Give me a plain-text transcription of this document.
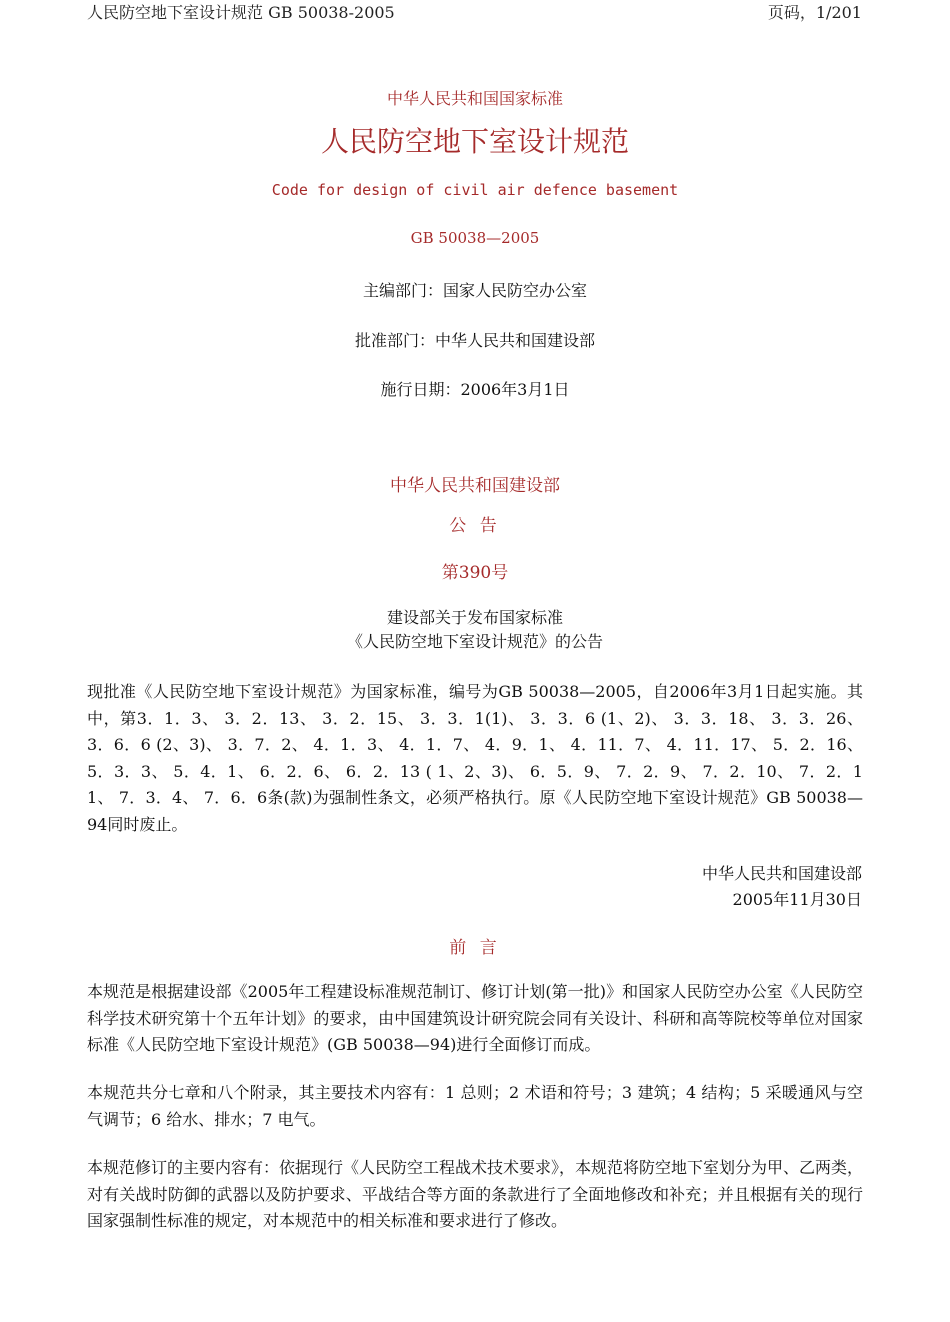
人民防空地下室设计规范 GB 50038-2005	页码，1/201
中华人民共和国国家标准
人民防空地下室设计规范
Code for design of civil air defence basement
GB 50038—2005
主编部门：国家人民防空办公室
批准部门：中华人民共和国建设部
施行日期：2006年3月1日
中华人民共和国建设部
公 告
第390号
建设部关于发布国家标准
《人民防空地下室设计规范》的公告
现批准《人民防空地下室设计规范》为国家标准，编号为GB 50038—2005，自2006年3月1日起实施。其中，第3．1．3、 3．2．13、 3．2．15、 3．3．1(1)、 3．3．6 (1、2)、 3．3．18、 3．3．26、 3．6．6 (2、3)、 3．7．2、 4．1．3、 4．1．7、 4．9．1、 4．11．7、 4．11．17、 5．2．16、 5．3．3、 5．4．1、 6．2．6、 6．2．13 ( 1、2、3)、 6．5．9、 7．2．9、 7．2．10、 7．2．11、 7．3．4、 7．6．6条(款)为强制性条文，必须严格执行。原《人民防空地下室设计规范》GB 50038—94同时废止。
中华人民共和国建设部
2005年11月30日
前 言
本规范是根据建设部《2005年工程建设标准规范制订、修订计划(第一批)》和国家人民防空办公室《人民防空科学技术研究第十个五年计划》的要求，由中国建筑设计研究院会同有关设计、科研和高等院校等单位对国家标准《人民防空地下室设计规范》(GB 50038—94)进行全面修订而成。
本规范共分七章和八个附录，其主要技术内容有：1 总则；2 术语和符号；3 建筑；4 结构；5 采暖通风与空气调节；6 给水、排水；7 电气。
本规范修订的主要内容有：依据现行《人民防空工程战术技术要求》，本规范将防空地下室划分为甲、乙两类，对有关战时防御的武器以及防护要求、平战结合等方面的条款进行了全面地修改和补充；并且根据有关的现行国家强制性标准的规定，对本规范中的相关标准和要求进行了修改。
